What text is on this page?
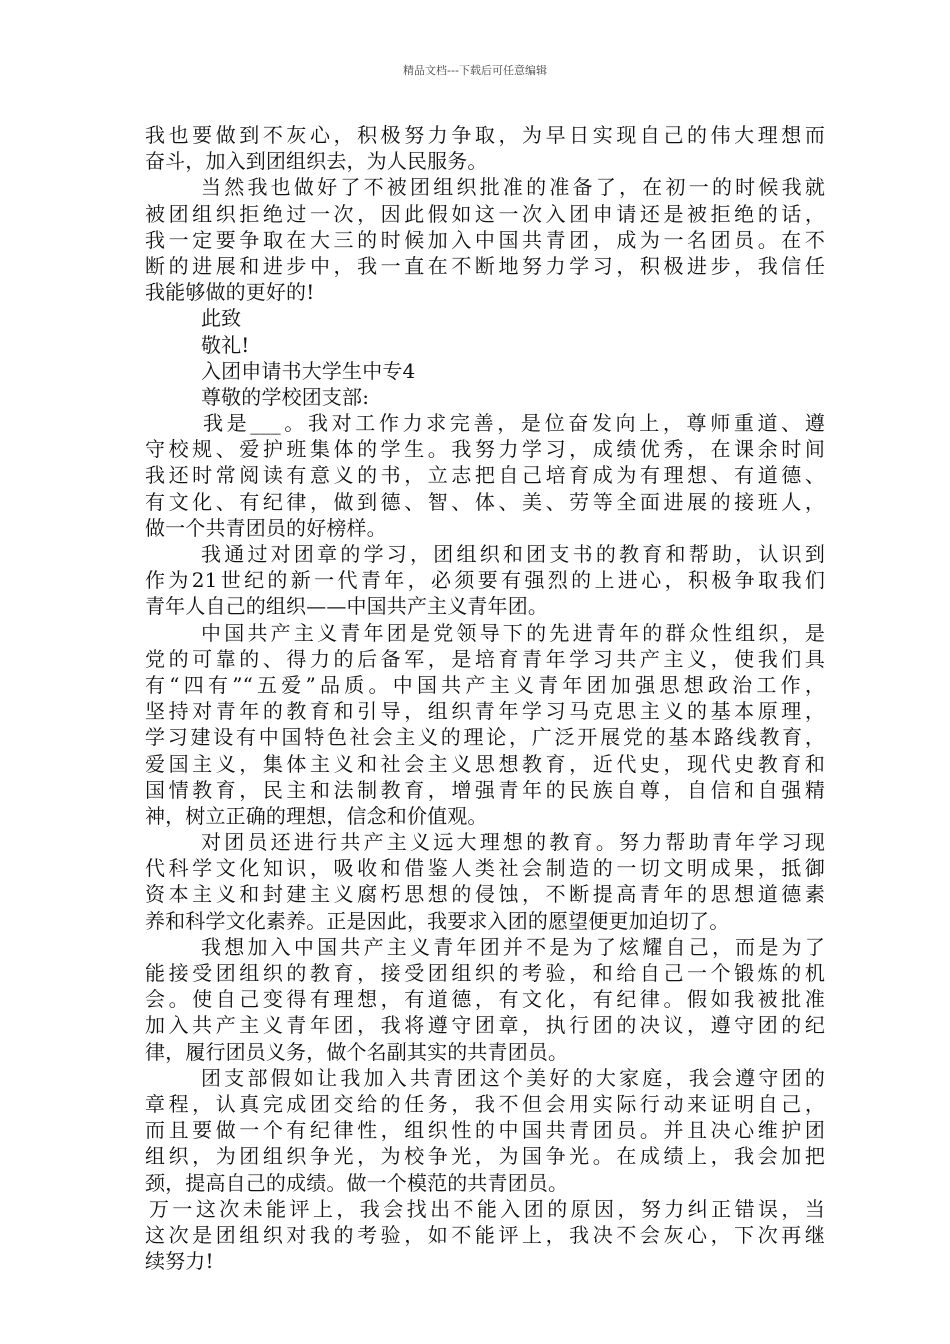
精品文档---下载后可任意编辑
我也要做到不灰心，积极努力争取，为早日实现自己的伟大理想而
奋斗，加入到团组织去，为人民服务。
当然我也做好了不被团组织批准的准备了，在初一的时候我就
被团组织拒绝过一次，因此假如这一次入团申请还是被拒绝的话，
我一定要争取在大三的时候加入中国共青团，成为一名团员。在不
断的进展和进步中，我一直在不断地努力学习，积极进步，我信任
我能够做的更好的!
此致
敬礼!
入团申请书大学生中专4
尊敬的学校团支部:
我是___。我对工作力求完善，是位奋发向上，尊师重道、遵
守校规、爱护班集体的学生。我努力学习，成绩优秀，在课余时间
我还时常阅读有意义的书，立志把自己培育成为有理想、有道德、
有文化、有纪律，做到德、智、体、美、劳等全面进展的接班人，
做一个共青团员的好榜样。
我通过对团章的学习，团组织和团支书的教育和帮助，认识到
作为21世纪的新一代青年，必须要有强烈的上进心，积极争取我们
青年人自己的组织——中国共产主义青年团。
中国共产主义青年团是党领导下的先进青年的群众性组织，是
党的可靠的、得力的后备军，是培育青年学习共产主义，使我们具
有“四有”“五爱”品质。中国共产主义青年团加强思想政治工作，
坚持对青年的教育和引导，组织青年学习马克思主义的基本原理，
学习建设有中国特色社会主义的理论，广泛开展党的基本路线教育，
爱国主义，集体主义和社会主义思想教育，近代史，现代史教育和
国情教育，民主和法制教育，增强青年的民族自尊，自信和自强精
神，树立正确的理想，信念和价值观。
对团员还进行共产主义远大理想的教育。努力帮助青年学习现
代科学文化知识，吸收和借鉴人类社会制造的一切文明成果，抵御
资本主义和封建主义腐朽思想的侵蚀，不断提高青年的思想道德素
养和科学文化素养。正是因此，我要求入团的愿望便更加迫切了。
我想加入中国共产主义青年团并不是为了炫耀自己，而是为了
能接受团组织的教育，接受团组织的考验，和给自己一个锻炼的机
会。使自己变得有理想，有道德，有文化，有纪律。假如我被批准
加入共产主义青年团，我将遵守团章，执行团的决议，遵守团的纪
律，履行团员义务，做个名副其实的共青团员。
团支部假如让我加入共青团这个美好的大家庭，我会遵守团的
章程，认真完成团交给的任务，我不但会用实际行动来证明自己，
而且要做一个有纪律性，组织性的中国共青团员。并且决心维护团
组织，为团组织争光，为校争光，为国争光。在成绩上，我会加把
颈，提高自己的成绩。做一个模范的共青团员。
万一这次未能评上，我会找出不能入团的原因，努力纠正错误，当
这次是团组织对我的考验，如不能评上，我决不会灰心，下次再继
续努力!
